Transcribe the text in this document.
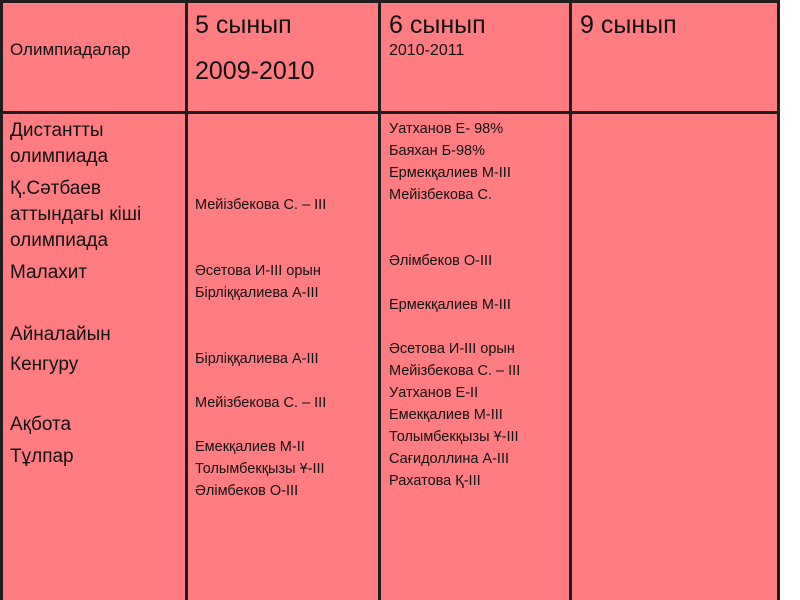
Олимпиадалар
5 сынып
2009-2010
6 сынып
2010-2011
9 сынып
Дистантты
олимпиада
Қ.Сәтбаев
аттындағы кіші
олимпиада
Малахит
Айналайын
Кенгуру
Ақбота
Тұлпар
Мейізбекова С. – III
Әсетова И-III орын
Бірліққалиева А-III
Бірліққалиева А-III
Мейізбекова С. – III
Емекқалиев М-II
Толымбекқызы Ұ-III
Әлімбеков О-III
Уатханов Е- 98%
Баяхан Б-98%
Ермекқалиев М-III
Мейізбекова С.
Әлімбеков О-III
Ермекқалиев М-III
Әсетова И-III орын
Мейізбекова С. – III
Уатханов Е-II
Емекқалиев М-III
Толымбекқызы Ұ-III
Сағидоллина А-III
Рахатова Қ-III
